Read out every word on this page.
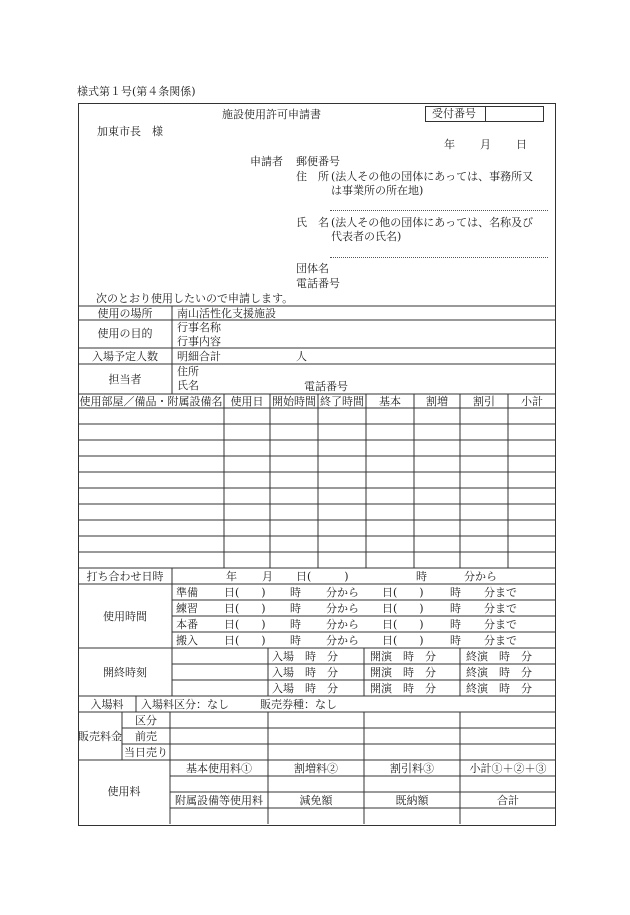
様式第１号(第４条関係)
施設使用許可申請書	受付番号
加東市長　様
年 月 日
申請者 郵便番号
住　所 (法人その他の団体にあっては、事務所又
は事業所の所在地)
氏　名 (法人その他の団体にあっては、名称及び
代表者の氏名)
団体名
電話番号
次のとおり使用したいので申請します。
使用の場所	南山活性化支援施設
使用の目的	行事名称
行事内容
入場予定人数	明細合計	人
担当者
住所
氏名	電話番号
使用部屋／備品・附属設備名 使用日 開始時間 終了時間	基本	割増	割引	小計
打ち合わせ日時	年 月 日(　　　)	時	分から
使用時間
準備 日(　　) 時 分から 日(　　) 時 分まで
練習 日(　　) 時 分から 日(　　) 時 分まで
本番 日(　　) 時 分から 日(　　) 時 分まで
搬入 日(　　) 時 分から 日(　　) 時 分まで
開終時刻
入場　時　分	開演　時　分	終演　時　分
入場　時　分	開演　時　分	終演　時　分
入場　時　分	開演　時　分	終演　時　分
入場料	入場料区分：なし	販売券種：なし
販売料金
区分
前売
当日売り
使用料
基本使用料①	割増料②	割引料③	小計①＋②＋③
附属設備等使用料	減免額	既納額	合計
